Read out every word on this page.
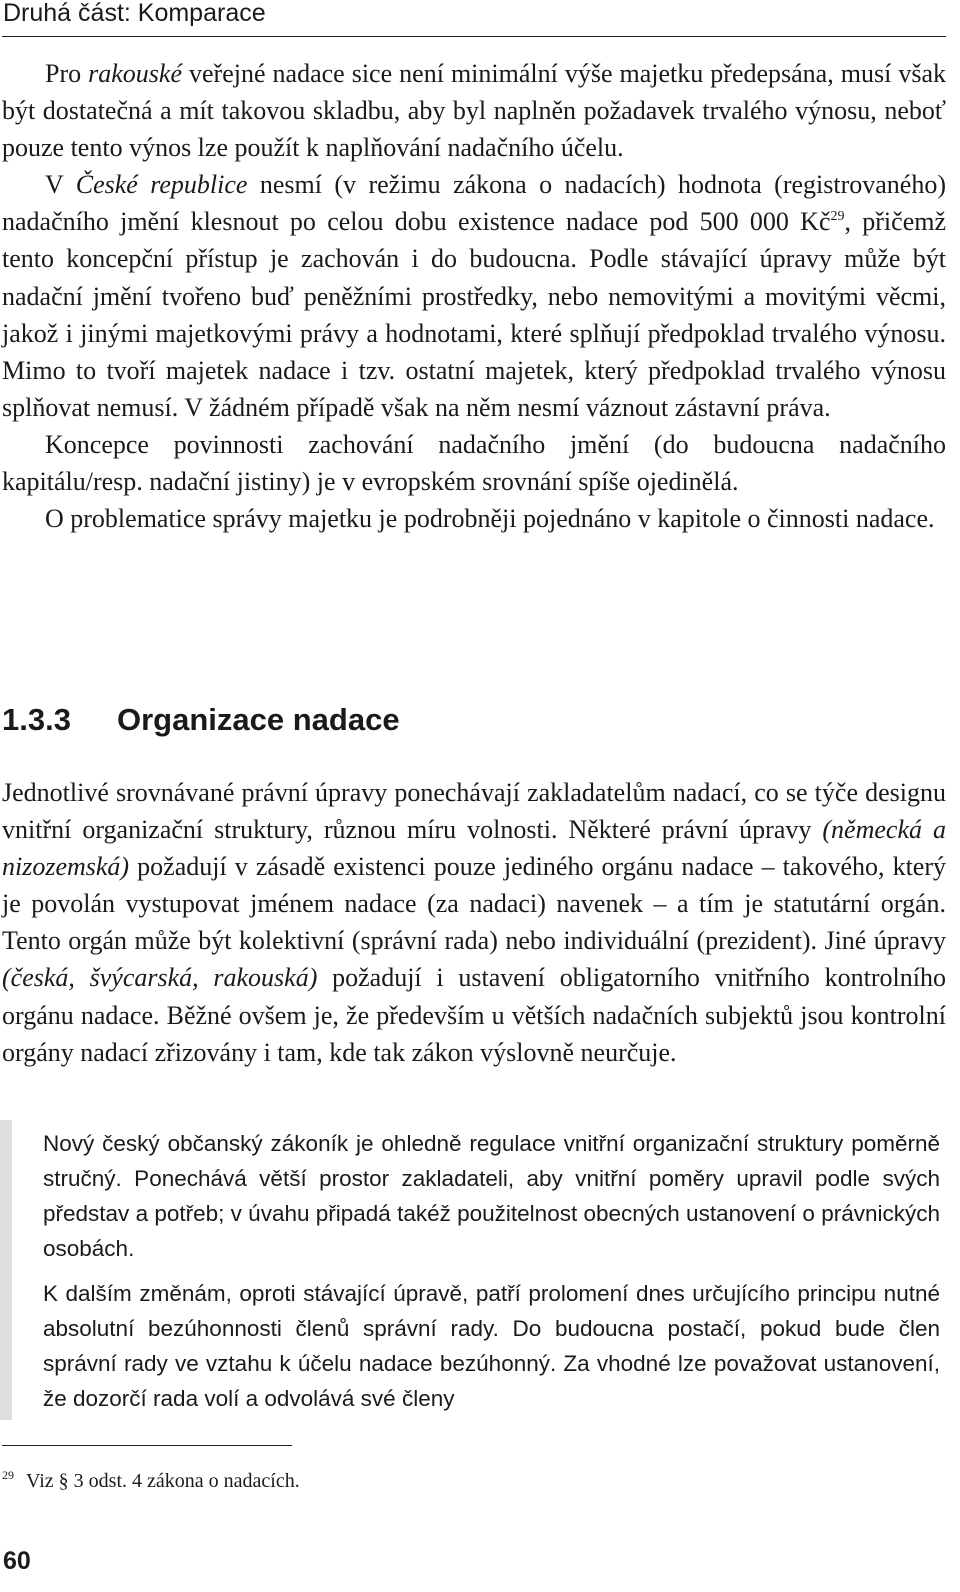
Druhá část: Komparace

Pro rakouské veřejné nadace sice není minimální výše majetku předepsána, musí však být dostatečná a mít takovou skladbu, aby byl naplněn požadavek trvalého výnosu, neboť pouze tento výnos lze použít k naplňování nadačního účelu.

V České republice nesmí (v režimu zákona o nadacích) hodnota (registrovaného) nadačního jmění klesnout po celou dobu existence nadace pod 500 000 Kč$^{29}$, přičemž tento koncepční přístup je zachován i do budoucna. Podle stávající úpravy může být nadační jmění tvořeno buď peněžními prostředky, nebo nemovitými a movitými věcmi, jakož i jinými majetkovými právy a hodnotami, které splňují předpoklad trvalého výnosu. Mimo to tvoří majetek nadace i tzv. ostatní majetek, který předpoklad trvalého výnosu splňovat nemusí. V žádném případě však na něm nesmí váznout zástavní práva.

Koncepce povinnosti zachování nadačního jmění (do budoucna nadačního kapitálu/resp. nadační jistiny) je v evropském srovnání spíše ojedinělá.

O problematice správy majetku je podrobněji pojednáno v kapitole o činnosti nadace.

1.3.3 Organizace nadace

Jednotlivé srovnávané právní úpravy ponechávají zakladatelům nadací, co se týče designu vnitřní organizační struktury, různou míru volnosti. Některé právní úpravy (německá a nizozemská) požadují v zásadě existenci pouze jediného orgánu nadace – takového, který je povolán vystupovat jménem nadace (za nadaci) navenek – a tím je statutární orgán. Tento orgán může být kolektivní (správní rada) nebo individuální (prezident). Jiné úpravy (česká, švýcarská, rakouská) požadují i ustavení obligatorního vnitřního kontrolního orgánu nadace. Běžné ovšem je, že především u větších nadačních subjektů jsou kontrolní orgány nadací zřizovány i tam, kde tak zákon výslovně neurčuje.

Nový český občanský zákoník je ohledně regulace vnitřní organizační struktury poměrně stručný. Ponechává větší prostor zakladateli, aby vnitřní poměry upravil podle svých představ a potřeb; v úvahu připadá takéž použitelnost obecných ustanovení o právnických osobách.

K dalším změnám, oproti stávající úpravě, patří prolomení dnes určujícího principu nutné absolutní bezúhonnosti členů správní rady. Do budoucna postačí, pokud bude člen správní rady ve vztahu k účelu nadace bezúhonný. Za vhodné lze považovat ustanovení, že dozorčí rada volí a odvolává své členy

$^{29}$ Viz § 3 odst. 4 zákona o nadacích.
60
